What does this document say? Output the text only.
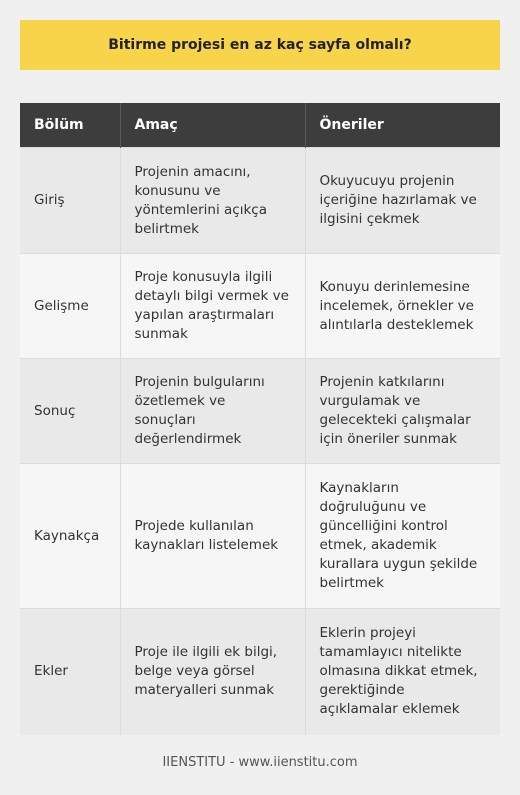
Bitirme projesi en az kaç sayfa olmalı?
Bölüm	Amaç	Öneriler
Giriş	Projenin amacını, konusunu ve yöntemlerini açıkça belirtmek	Okuyucuyu projenin içeriğine hazırlamak ve ilgisini çekmek
Gelişme	Proje konusuyla ilgili detaylı bilgi vermek ve yapılan araştırmaları sunmak	Konuyu derinlemesine incelemek, örnekler ve alıntılarla desteklemek
Sonuç	Projenin bulgularını özetlemek ve sonuçları değerlendirmek	Projenin katkılarını vurgulamak ve gelecekteki çalışmalar için öneriler sunmak
Kaynakça	Projede kullanılan kaynakları listelemek	Kaynakların doğruluğunu ve güncelliğini kontrol etmek, akademik kurallara uygun şekilde belirtmek
Ekler	Proje ile ilgili ek bilgi, belge veya görsel materyalleri sunmak	Eklerin projeyi tamamlayıcı nitelikte olmasına dikkat etmek, gerektiğinde açıklamalar eklemek
IIENSTITU - www.iienstitu.com
